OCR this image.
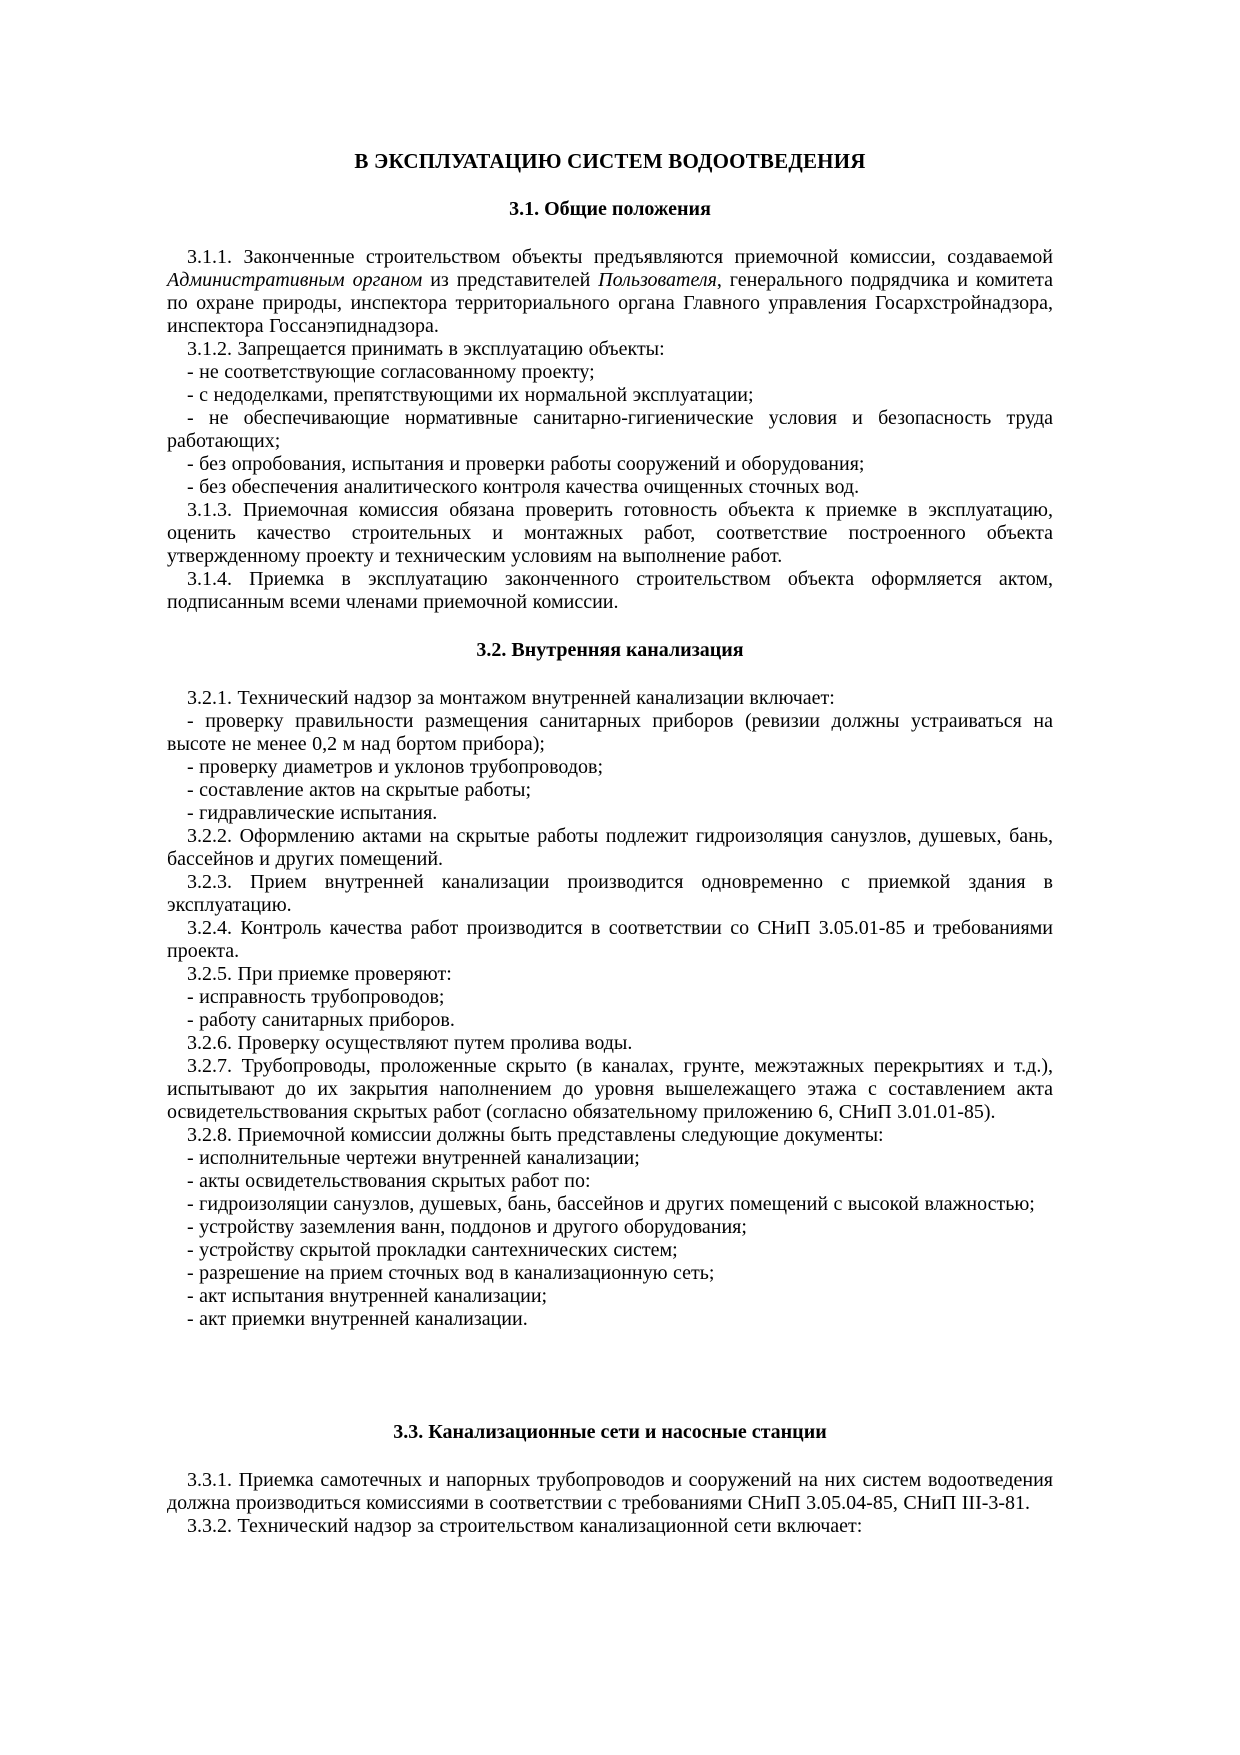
В ЭКСПЛУАТАЦИЮ СИСТЕМ ВОДООТВЕДЕНИЯ
3.1. Общие положения

3.1.1. Законченные строительством объекты предъявляются приемочной комиссии, создаваемой Административным органом из представителей Пользователя, генерального подрядчика и комитета по охране природы, инспектора территориального органа Главного управления Госархстройнадзора, инспектора Госсанэпиднадзора.

3.1.2. Запрещается принимать в эксплуатацию объекты:

- не соответствующие согласованному проекту;

- с недоделками, препятствующими их нормальной эксплуатации;

- не обеспечивающие нормативные санитарно-гигиенические условия и безопасность труда работающих;

- без опробования, испытания и проверки работы сооружений и оборудования;

- без обеспечения аналитического контроля качества очищенных сточных вод.

3.1.3. Приемочная комиссия обязана проверить готовность объекта к приемке в эксплуатацию, оценить качество строительных и монтажных работ, соответствие построенного объекта утвержденному проекту и техническим условиям на выполнение работ.

3.1.4. Приемка в эксплуатацию законченного строительством объекта оформляется актом, подписанным всеми членами приемочной комиссии.

3.2. Внутренняя канализация

3.2.1. Технический надзор за монтажом внутренней канализации включает:

- проверку правильности размещения санитарных приборов (ревизии должны устраиваться на высоте не менее 0,2 м над бортом прибора);

- проверку диаметров и уклонов трубопроводов;

- составление актов на скрытые работы;

- гидравлические испытания.

3.2.2. Оформлению актами на скрытые работы подлежит гидроизоляция санузлов, душевых, бань, бассейнов и других помещений.

3.2.3. Прием внутренней канализации производится одновременно с приемкой здания в эксплуатацию.

3.2.4. Контроль качества работ производится в соответствии со СНиП 3.05.01-85 и требованиями проекта.

3.2.5. При приемке проверяют:

- исправность трубопроводов;

- работу санитарных приборов.

3.2.6. Проверку осуществляют путем пролива воды.

3.2.7. Трубопроводы, проложенные скрыто (в каналах, грунте, межэтажных перекрытиях и т.д.), испытывают до их закрытия наполнением до уровня вышележащего этажа с составлением акта освидетельствования скрытых работ (согласно обязательному приложению 6, СНиП 3.01.01-85).

3.2.8. Приемочной комиссии должны быть представлены следующие документы:

- исполнительные чертежи внутренней канализации;

- акты освидетельствования скрытых работ по:

- гидроизоляции санузлов, душевых, бань, бассейнов и других помещений с высокой влажностью;

- устройству заземления ванн, поддонов и другого оборудования;

- устройству скрытой прокладки сантехнических систем;

- разрешение на прием сточных вод в канализационную сеть;

- акт испытания внутренней канализации;

- акт приемки внутренней канализации.

3.3. Канализационные сети и насосные станции

3.3.1. Приемка самотечных и напорных трубопроводов и сооружений на них систем водоотведения должна производиться комиссиями в соответствии с требованиями СНиП 3.05.04-85, СНиП III-3-81.

3.3.2. Технический надзор за строительством канализационной сети включает:
